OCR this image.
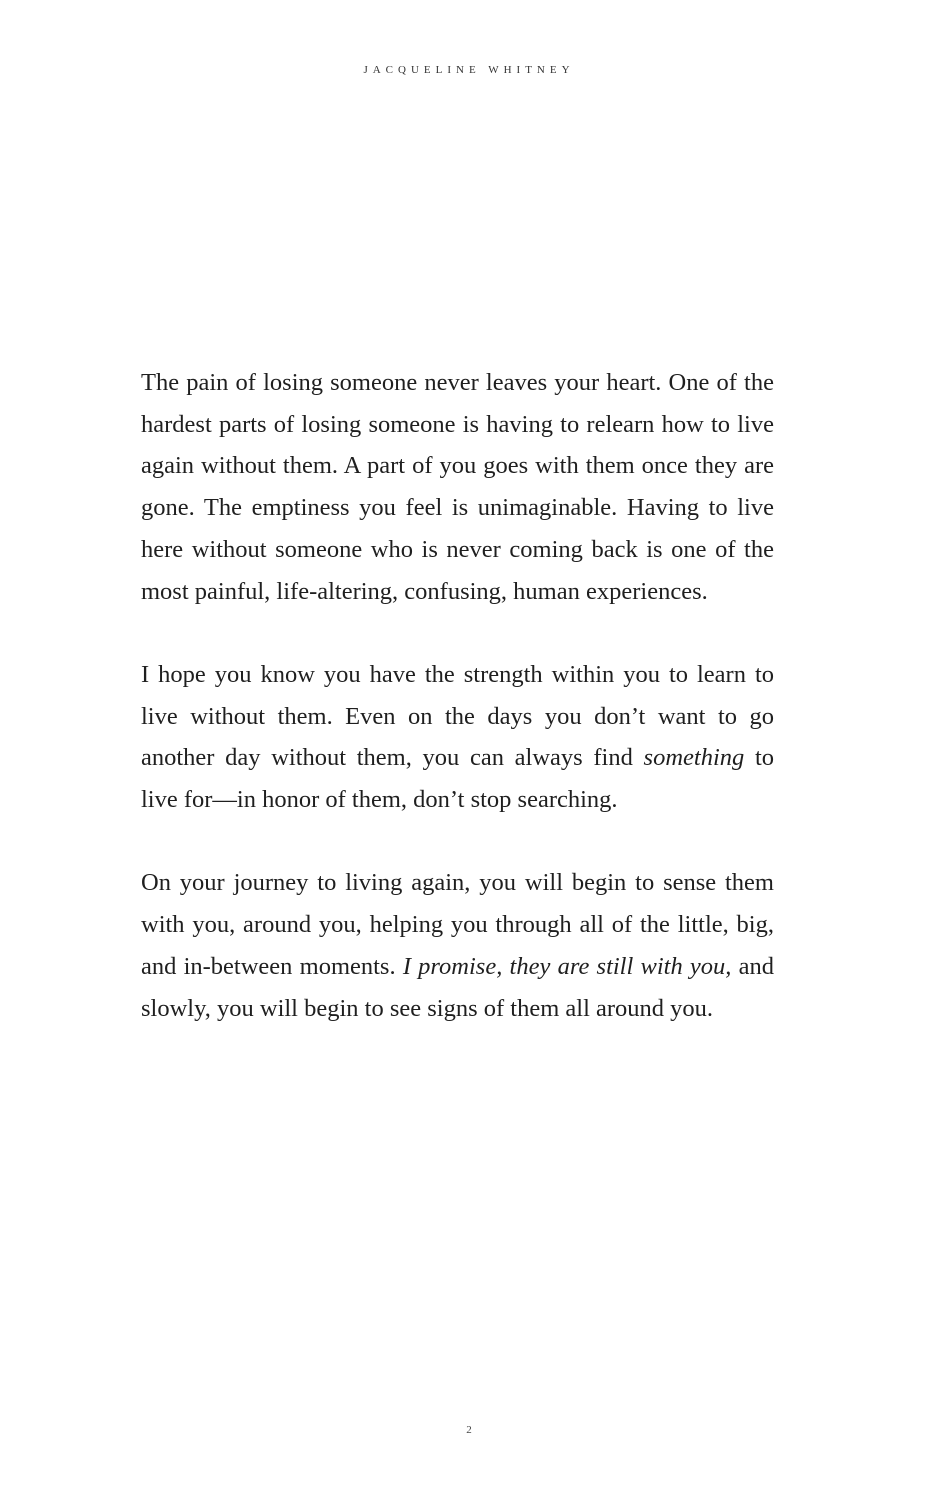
JACQUELINE WHITNEY

The pain of losing someone never leaves your heart. One of the hardest parts of losing someone is having to relearn how to live again without them. A part of you goes with them once they are gone. The emptiness you feel is unimaginable. Having to live here without someone who is never coming back is one of the most painful, life-altering, confusing, human experiences.

I hope you know you have the strength within you to learn to live without them. Even on the days you don’t want to go another day without them, you can always find something to live for—in honor of them, don’t stop searching.

On your journey to living again, you will begin to sense them with you, around you, helping you through all of the little, big, and in-between moments. I promise, they are still with you, and slowly, you will begin to see signs of them all around you.

2
